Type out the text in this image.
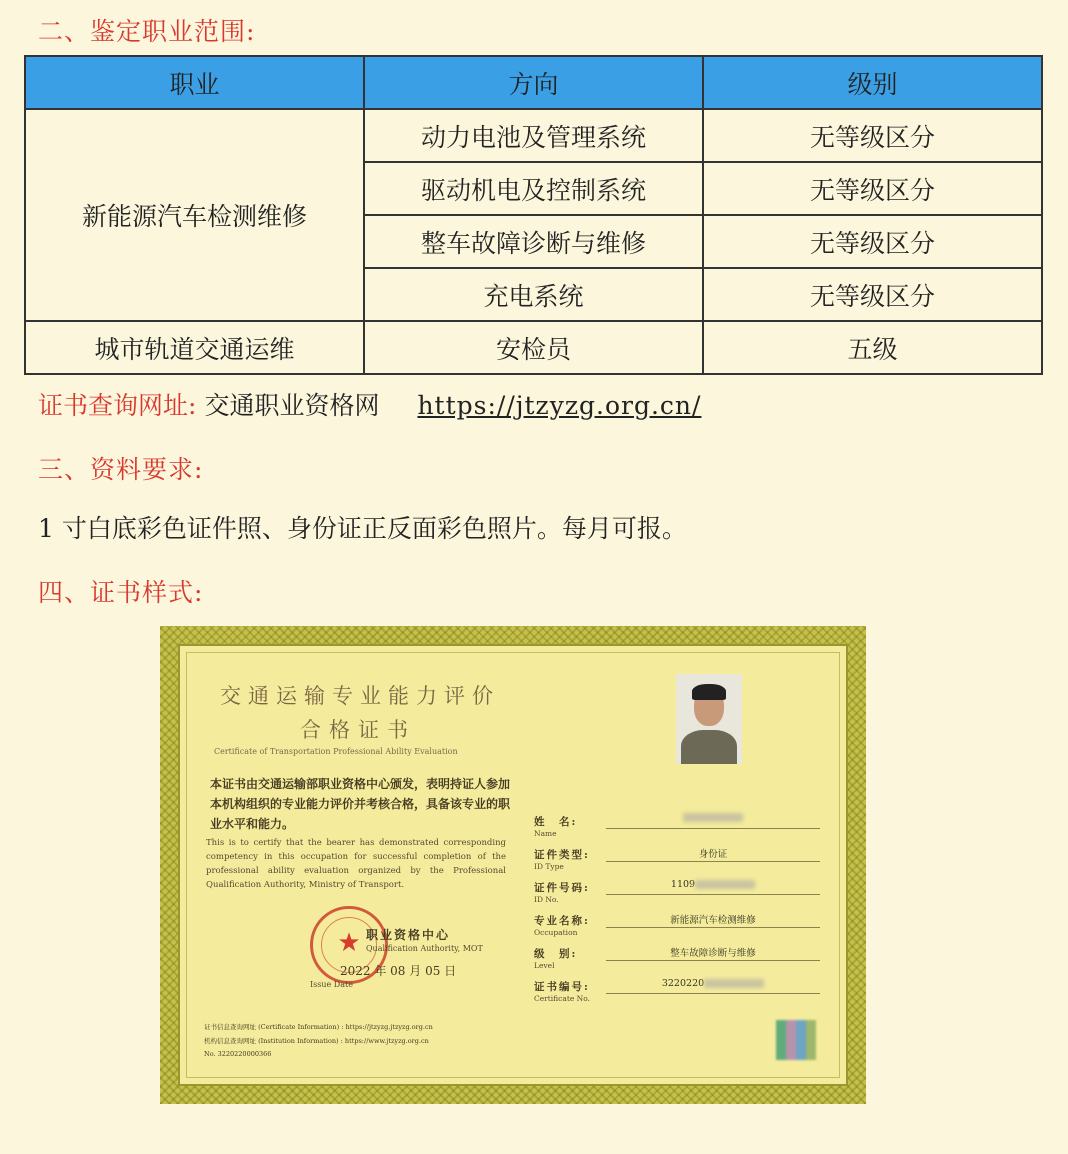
二、鉴定职业范围:
职业	方向	级别
新能源汽车检测维修	动力电池及管理系统	无等级区分
	驱动机电及控制系统	无等级区分
	整车故障诊断与维修	无等级区分
	充电系统	无等级区分
城市轨道交通运维	安检员	五级
证书查询网址: 交通职业资格网 https://jtzyzg.org.cn/
三、资料要求:
1 寸白底彩色证件照、身份证正反面彩色照片。每月可报。
四、证书样式:
交通运输专业能力评价
合格证书
Certificate of Transportation Professional Ability Evaluation
本证书由交通运输部职业资格中心颁发，表明持证人参加本机构组织的专业能力评价并考核合格，具备该专业的职业水平和能力。
This is to certify that the bearer has demonstrated corresponding competency in this occupation for successful completion of the professional ability evaluation organized by the Professional Qualification Authority, Ministry of Transport.
★ 职业资格中心
Qualification Authority, MOT
2022 年 08 月 05 日
Issue Date
姓　名:
Name
证件类型:
ID Type
身份证
证件号码:
ID No.
1109
专业名称:
Occupation
新能源汽车检测维修
级　别:
Level
整车故障诊断与维修
证书编号:
Certificate No.
3220220
证书信息查询网址 (Certificate Information) : https://jtzyzg.jtzyzg.org.cn
机构信息查询网址 (Institution Information) : https://www.jtzyzg.org.cn
No. 3220220000366
